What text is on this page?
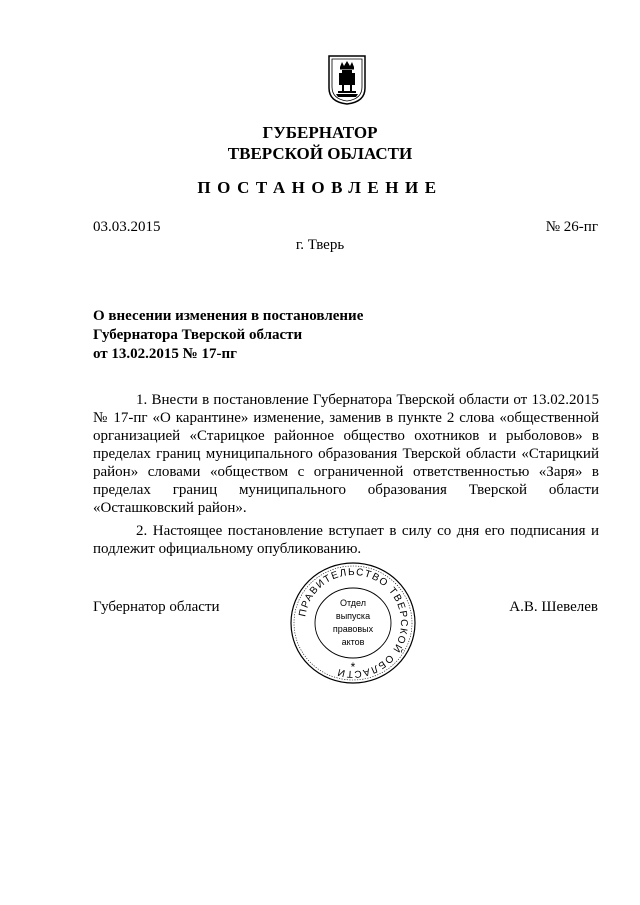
ГУБЕРНАТОР
ТВЕРСКОЙ ОБЛАСТИ
ПОСТАНОВЛЕНИЕ
03.03.2015	№ 26-пг
г. Тверь
О внесении изменения в постановление
Губернатора Тверской области
от 13.02.2015 № 17-пг

1. Внести в постановление Губернатора Тверской области от 13.02.2015 № 17-пг «О карантине» изменение, заменив в пункте 2 слова «общественной организацией «Старицкое районное общество охотников и рыболовов» в пределах границ муниципального образования Тверской области «Старицкий район» словами «обществом с ограниченной ответственностью «Заря» в пределах границ муниципального образования Тверской области «Осташковский район».

2. Настоящее постановление вступает в силу со дня его подписания и подлежит официальному опубликованию.

Губернатор области	А.В. Шевелев
ПРАВИТЕЛЬСТВО ТВЕРСКОЙ ОБЛАСТИ
Отдел
выпуска
правовых
актов
*
